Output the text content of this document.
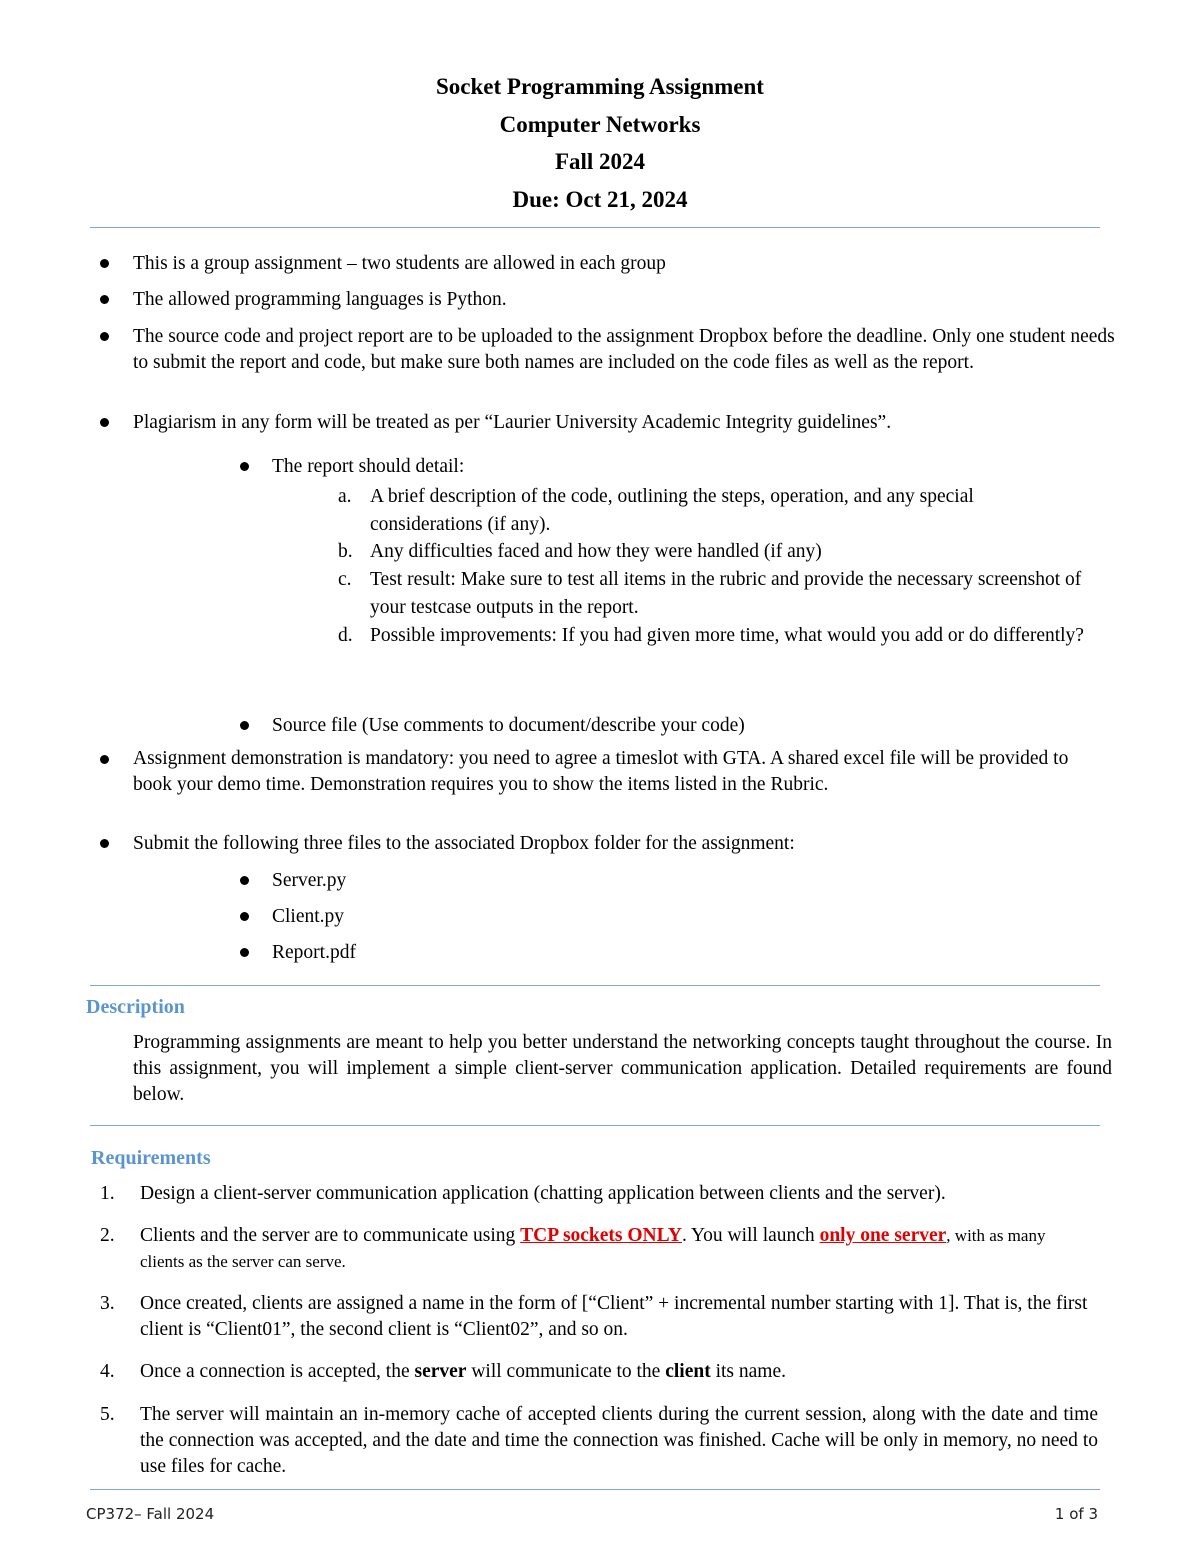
Socket Programming Assignment
Computer Networks
Fall 2024
Due: Oct 21, 2024
This is a group assignment – two students are allowed in each group
The allowed programming languages is Python.
The source code and project report are to be uploaded to the assignment Dropbox before the deadline. Only one student needs to submit the report and code, but make sure both names are included on the code files as well as the report.
Plagiarism in any form will be treated as per “Laurier University Academic Integrity guidelines”.
The report should detail:
a. A brief description of the code, outlining the steps, operation, and any special considerations (if any).
b. Any difficulties faced and how they were handled (if any)
c. Test result: Make sure to test all items in the rubric and provide the necessary screenshot of your testcase outputs in the report.
d. Possible improvements: If you had given more time, what would you add or do differently?
Source file (Use comments to document/describe your code)
Assignment demonstration is mandatory: you need to agree a timeslot with GTA. A shared excel file will be provided to book your demo time. Demonstration requires you to show the items listed in the Rubric.
Submit the following three files to the associated Dropbox folder for the assignment:
Server.py
Client.py
Report.pdf
Description
Programming assignments are meant to help you better understand the networking concepts taught throughout the course. In this assignment, you will implement a simple client-server communication application. Detailed requirements are found below.
Requirements
1. Design a client-server communication application (chatting application between clients and the server).
2. Clients and the server are to communicate using TCP sockets ONLY. You will launch only one server, with as many clients as the server can serve.
3. Once created, clients are assigned a name in the form of [“Client” + incremental number starting with 1]. That is, the first client is “Client01”, the second client is “Client02”, and so on.
4. Once a connection is accepted, the server will communicate to the client its name.
5. The server will maintain an in-memory cache of accepted clients during the current session, along with the date and time the connection was accepted, and the date and time the connection was finished. Cache will be only in memory, no need to use files for cache.
CP372– Fall 2024	1 of 3
